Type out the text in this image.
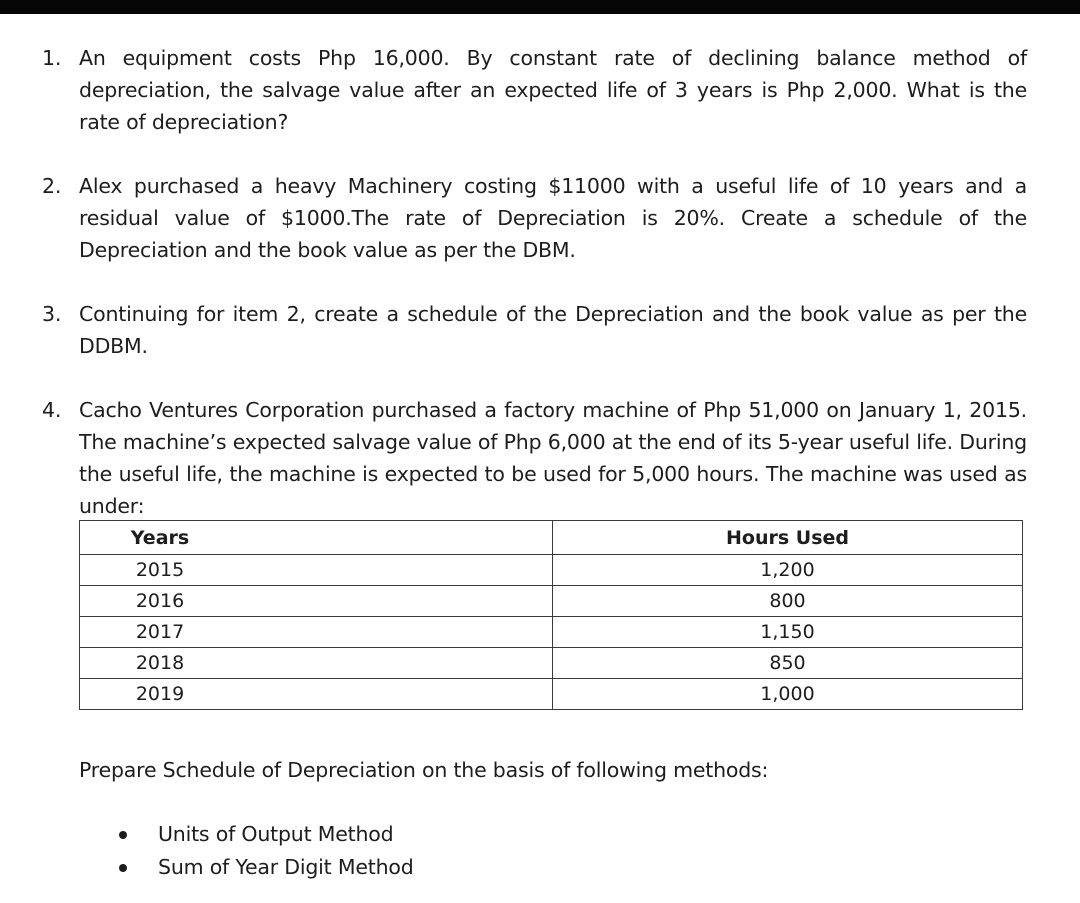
1. An equipment costs Php 16,000. By constant rate of declining balance method of depreciation, the salvage value after an expected life of 3 years is Php 2,000. What is the rate of depreciation?
2. Alex purchased a heavy Machinery costing $11000 with a useful life of 10 years and a residual value of $1000.The rate of Depreciation is 20%. Create a schedule of the Depreciation and the book value as per the DBM.
3. Continuing for item 2, create a schedule of the Depreciation and the book value as per the DDBM.
4. Cacho Ventures Corporation purchased a factory machine of Php 51,000 on January 1, 2015. The machine’s expected salvage value of Php 6,000 at the end of its 5-year useful life. During the useful life, the machine is expected to be used for 5,000 hours. The machine was used as under:
Years	Hours Used
2015	1,200
2016	800
2017	1,150
2018	850
2019	1,000
Prepare Schedule of Depreciation on the basis of following methods:
Units of Output Method
Sum of Year Digit Method
